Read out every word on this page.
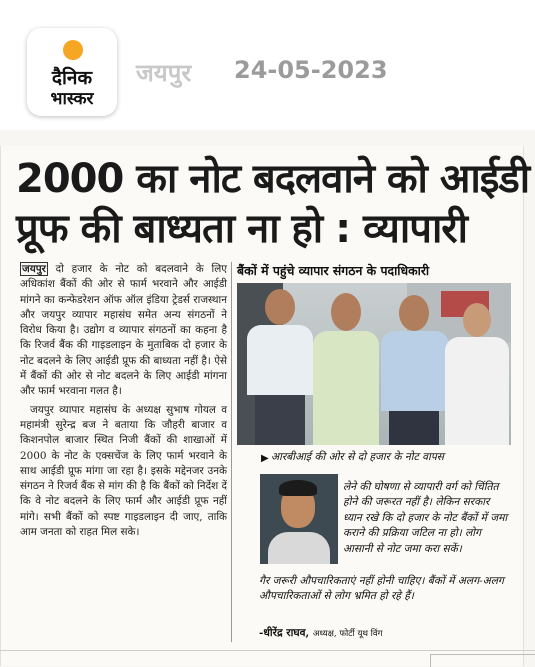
दैनिक
भास्कर
जयपुर 24-05-2023
2000 का नोट बदलवाने को आईडी
प्रूफ की बाध्यता ना हो : व्यापारी

जयपुर दो हजार के नोट को बदलवाने के लिए अधिकांश बैंकों की ओर से फार्म भरवाने और आईडी मांगने का कन्फेडरेशन ऑफ ऑल इंडिया ट्रेडर्स राजस्थान और जयपुर व्यापार महासंघ समेत अन्य संगठनों ने विरोध किया है। उद्योग व व्यापार संगठनों का कहना है कि रिजर्व बैंक की गाइडलाइन के मुताबिक दो हजार के नोट बदलने के लिए आईडी प्रूफ की बाध्यता नहीं है। ऐसे में बैंकों की ओर से नोट बदलने के लिए आईडी मांगना और फार्म भरवाना गलत है।

जयपुर व्यापार महासंघ के अध्यक्ष सुभाष गोयल व महामंत्री सुरेन्द्र बज ने बताया कि जौहरी बाजार व किशनपोल बाजार स्थित निजी बैंकों की शाखाओं में 2000 के नोट के एक्सचेंज के लिए फार्म भरवाने के साथ आईडी प्रूफ मांगा जा रहा है। इसके मद्देनजर उनके संगठन ने रिजर्व बैंक से मांग की है कि बैंकों को निर्देश दें कि वे नोट बदलने के लिए फार्म और आईडी प्रूफ नहीं मांगे। सभी बैंकों को स्पष्ट गाइडलाइन दी जाए, ताकि आम जनता को राहत मिल सके।

बैंकों में पहुंचे व्यापार संगठन के पदाधिकारी
▶ आरबीआई की ओर से दो हजार के नोट वापस
लेने की घोषणा से व्यापारी वर्ग को चिंतित होने की जरूरत नहीं है। लेकिन सरकार ध्यान रखे कि दो हजार के नोट बैंकों में जमा कराने की प्रक्रिया जटिल ना हो। लोग आसानी से नोट जमा करा सकें।
गैर जरूरी औपचारिकताएं नहीं होनी चाहिए। बैंकों में अलग-अलग औपचारिकताओं से लोग भ्रमित हो रहे हैं।
-धीरेंद्र राघव, अध्यक्ष, फोर्टी यूथ विंग
